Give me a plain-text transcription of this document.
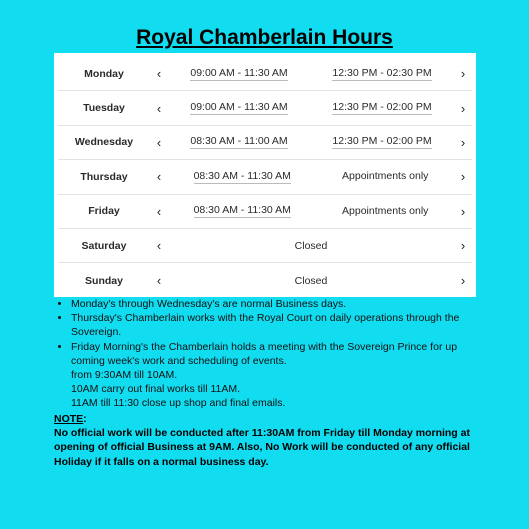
Royal Chamberlain Hours
Monday	‹	09:00 AM - 11:30 AM	12:30 PM - 02:30 PM	›
Tuesday	‹	09:00 AM - 11:30 AM	12:30 PM - 02:00 PM	›
Wednesday	‹	08:30 AM - 11:00 AM	12:30 PM - 02:00 PM	›
Thursday	‹	08:30 AM - 11:30 AM	Appointments only	›
Friday	‹	08:30 AM - 11:30 AM	Appointments only	›
Saturday	‹	Closed	›
Sunday	‹	Closed	›
• Monday's through Wednesday's are normal Business days.
• Thursday's Chamberlain works with the Royal Court on daily operations through the Sovereign.
• Friday Morning's the Chamberlain holds a meeting with the Sovereign Prince for up coming week's work and scheduling of events.
from 9:30AM till 10AM.
10AM carry out final works till 11AM.
11AM till 11:30 close up shop and final emails.
NOTE:
No official work will be conducted after 11:30AM from Friday till Monday morning at opening of official Business at 9AM. Also, No Work will be conducted of any official Holiday if it falls on a normal business day.
